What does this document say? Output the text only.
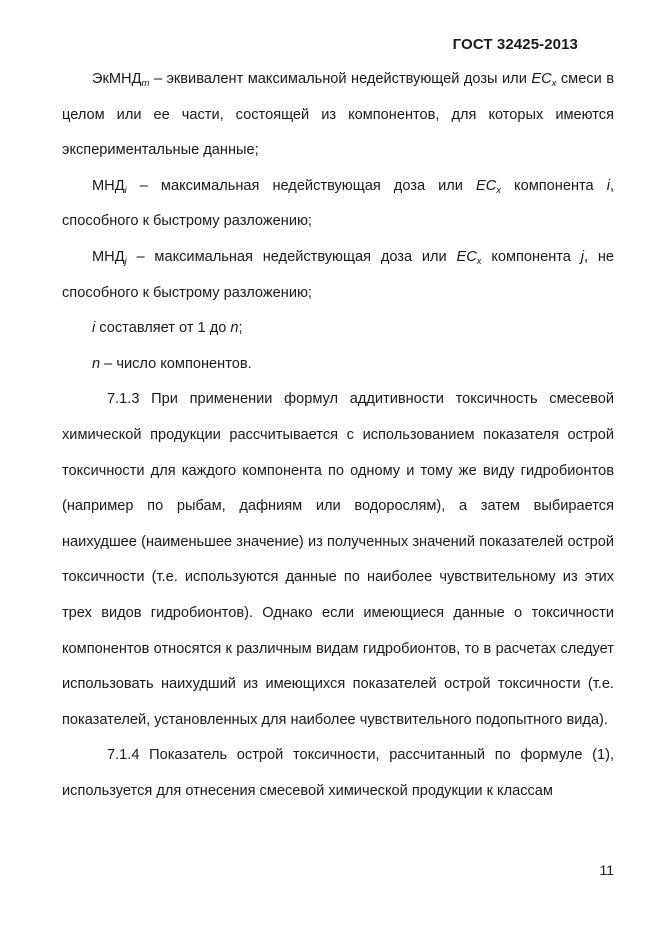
ГОСТ 32425-2013

ЭкМНД$_m$ – эквивалент максимальной недействующей дозы или $EC_x$ смеси в целом или ее части, состоящей из компонентов, для которых имеются экспериментальные данные;

$МНД_i$ – максимальная недействующая доза или $EC_x$ компонента i, способного к быстрому разложению;

$МНД_j$ – максимальная недействующая доза или $EC_x$ компонента j, не способного к быстрому разложению;

i составляет от 1 до n;

n – число компонентов.

7.1.3 При применении формул аддитивности токсичность смесевой химической продукции рассчитывается с использованием показателя острой токсичности для каждого компонента по одному и тому же виду гидробионтов (например по рыбам, дафниям или водорослям), а затем выбирается наихудшее (наименьшее значение) из полученных значений показателей острой токсичности (т.е. используются данные по наиболее чувствительному из этих трех видов гидробионтов). Однако если имеющиеся данные о токсичности компонентов относятся к различным видам гидробионтов, то в расчетах следует использовать наихудший из имеющихся показателей острой токсичности (т.е. показателей, установленных для наиболее чувствительного подопытного вида).

7.1.4 Показатель острой токсичности, рассчитанный по формуле (1), используется для отнесения смесевой химической продукции к классам

11
